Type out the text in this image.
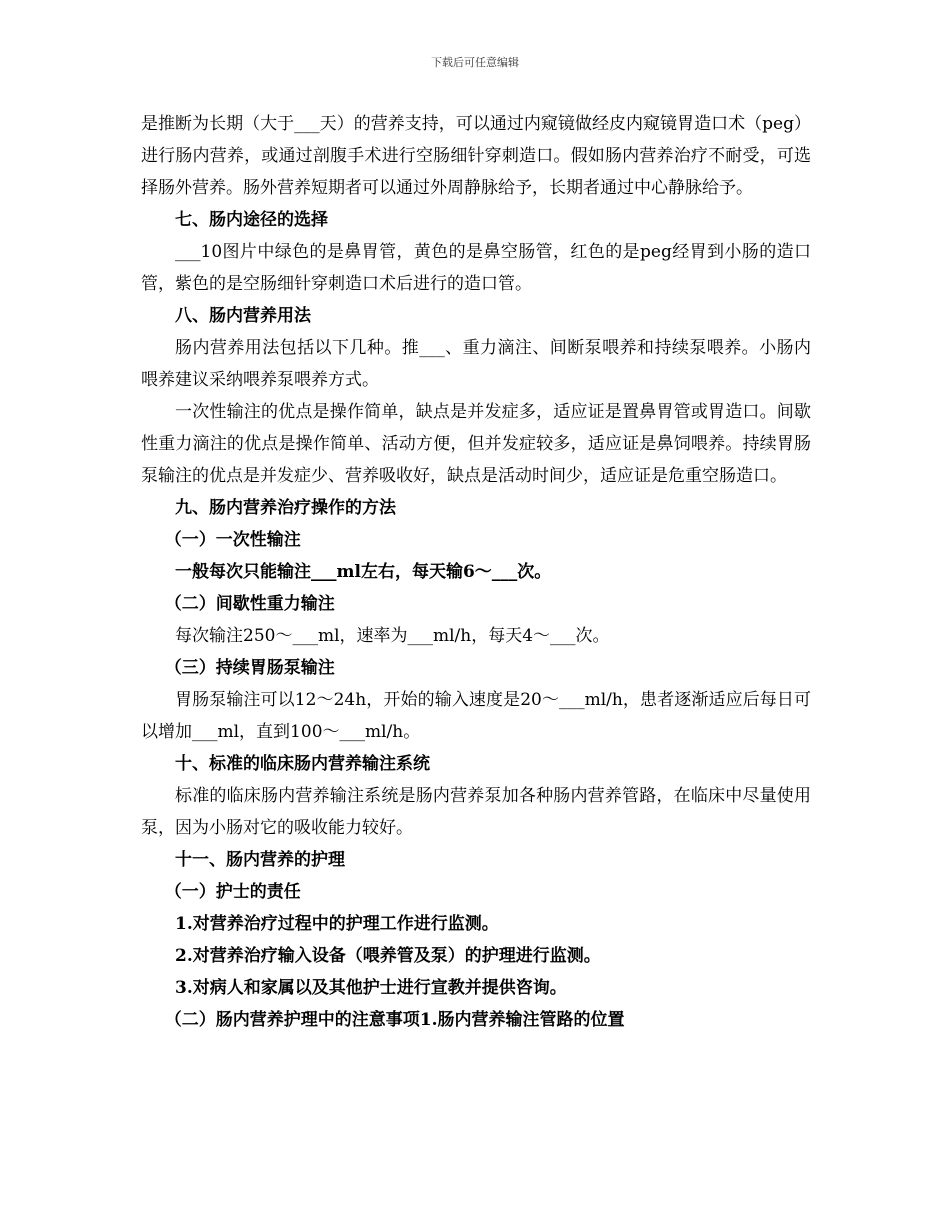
下载后可任意编辑

是推断为长期（大于___天）的营养支持，可以通过内窥镜做经皮内窥镜胃造口术（peg）进行肠内营养，或通过剖腹手术进行空肠细针穿刺造口。假如肠内营养治疗不耐受，可选择肠外营养。肠外营养短期者可以通过外周静脉给予，长期者通过中心静脉给予。

七、肠内途径的选择

___10图片中绿色的是鼻胃管，黄色的是鼻空肠管，红色的是peg经胃到小肠的造口管，紫色的是空肠细针穿刺造口术后进行的造口管。

八、肠内营养用法

肠内营养用法包括以下几种。推___、重力滴注、间断泵喂养和持续泵喂养。小肠内喂养建议采纳喂养泵喂养方式。

一次性输注的优点是操作简单，缺点是并发症多，适应证是置鼻胃管或胃造口。间歇性重力滴注的优点是操作简单、活动方便，但并发症较多，适应证是鼻饲喂养。持续胃肠泵输注的优点是并发症少、营养吸收好，缺点是活动时间少，适应证是危重空肠造口。

九、肠内营养治疗操作的方法

（一）一次性输注

一般每次只能输注___ml左右，每天输6～___次。

（二）间歇性重力输注

每次输注250～___ml，速率为___ml/h，每天4～___次。

（三）持续胃肠泵输注

胃肠泵输注可以12～24h，开始的输入速度是20～___ml/h，患者逐渐适应后每日可以增加___ml，直到100～___ml/h。

十、标准的临床肠内营养输注系统

标准的临床肠内营养输注系统是肠内营养泵加各种肠内营养管路，在临床中尽量使用泵，因为小肠对它的吸收能力较好。

十一、肠内营养的护理

（一）护士的责任

1.对营养治疗过程中的护理工作进行监测。

2.对营养治疗输入设备（喂养管及泵）的护理进行监测。

3.对病人和家属以及其他护士进行宣教并提供咨询。

（二）肠内营养护理中的注意事项1.肠内营养输注管路的位置
